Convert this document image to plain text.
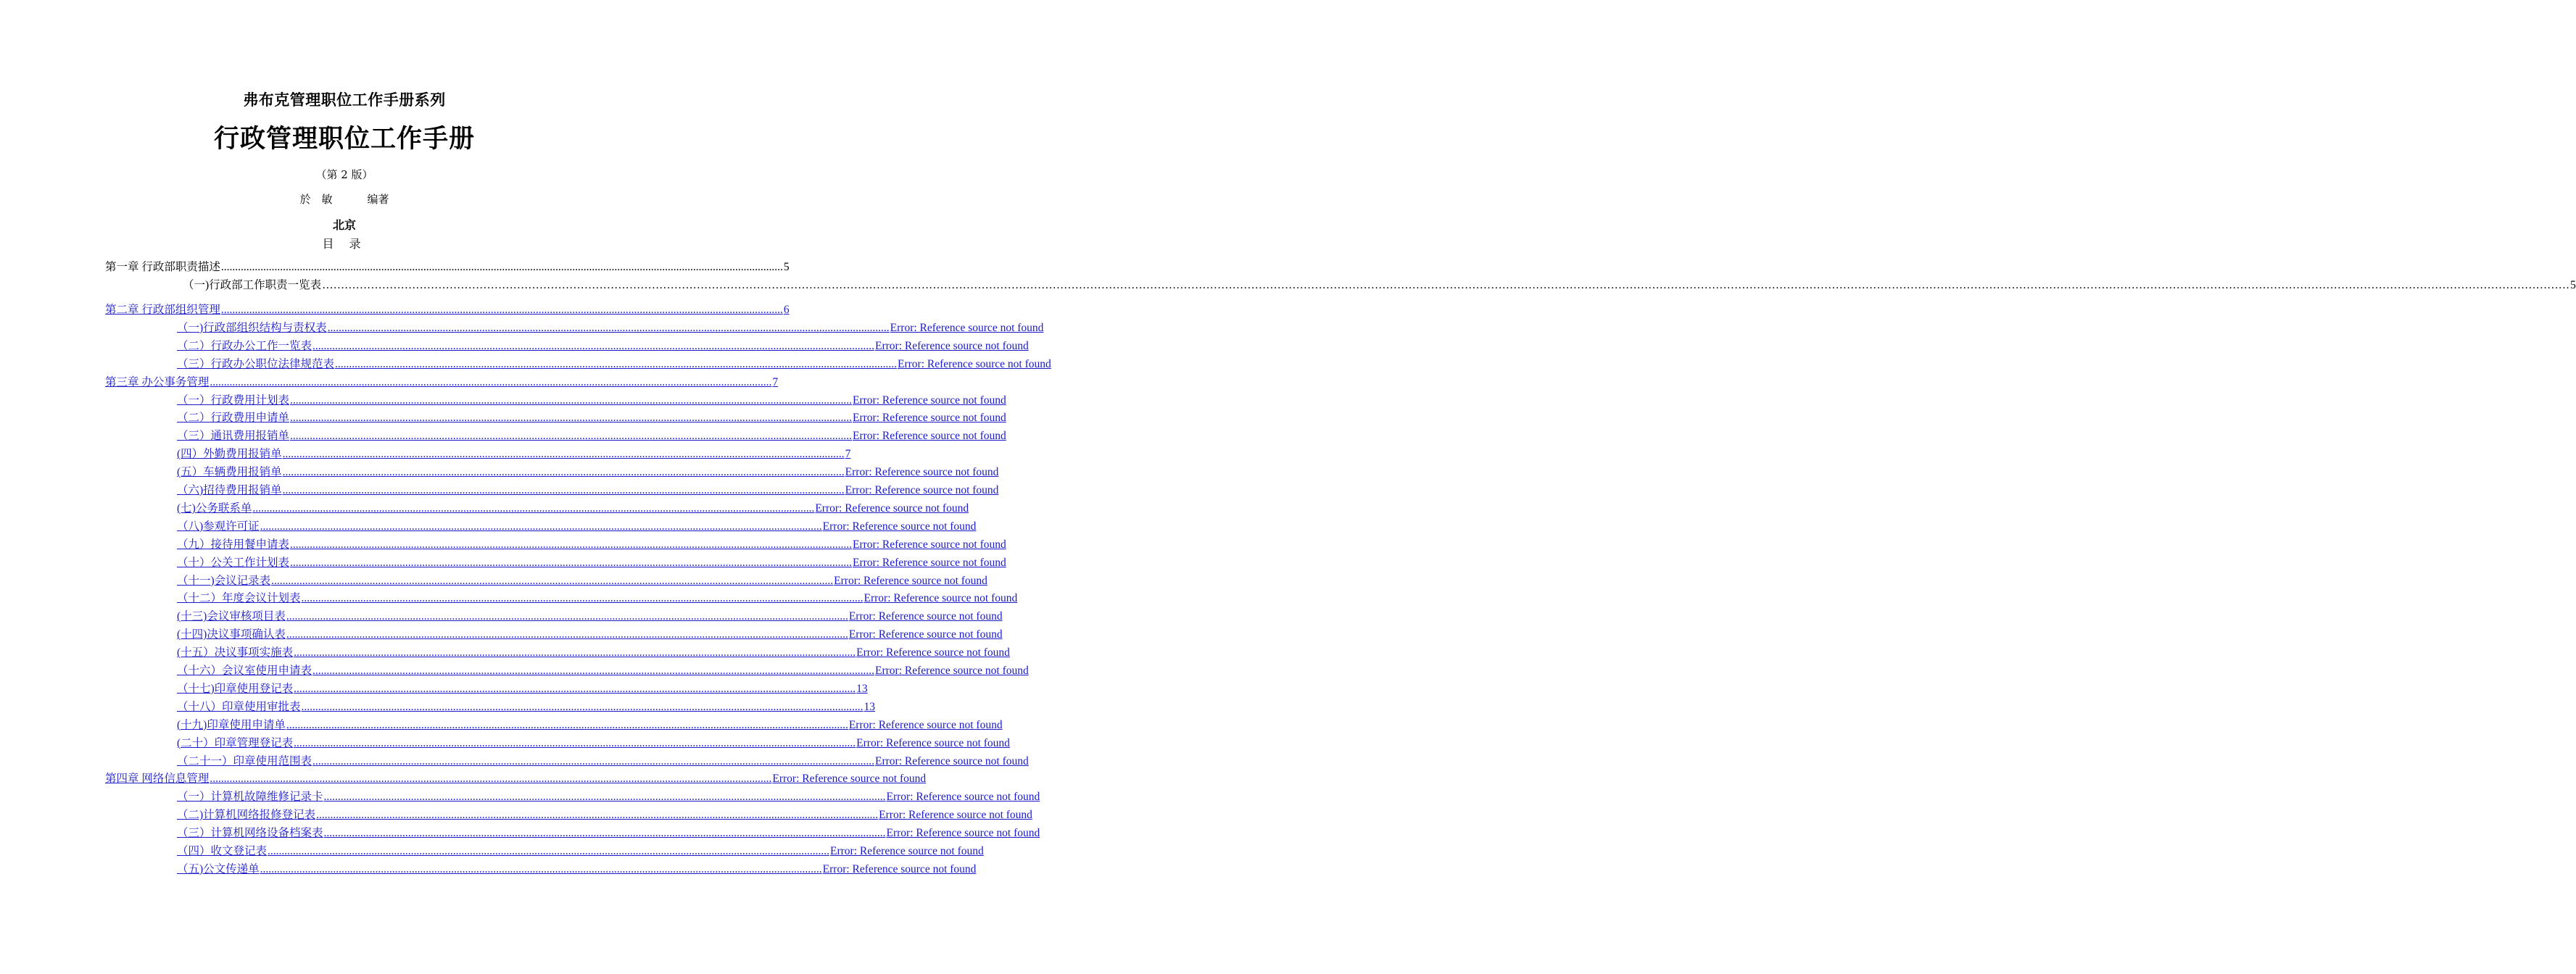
弗布克管理职位工作手册系列
行政管理职位工作手册
（第 2 版）
於　敏	编著
北京
目 录
第一章 行政部职责描述 ........................................................................................................................................................................................................ 5
（一)行政部工作职责一览表 …………………………………………………………………………………………………………………………………………………………………………………………………………………………………………………………………………………………………………………………………………………………………………………………………………………………………………………………………………………………………………………………………………………… 5
第二章 行政部组织管理 ........................................................................................................................................................................................................ 6
（一)行政部组织结构与责权表 ........................................................................................................................................................................................................ Error: Reference source not found
（二）行政办公工作一览表 ........................................................................................................................................................................................................ Error: Reference source not found
（三）行政办公职位法律规范表 ........................................................................................................................................................................................................ Error: Reference source not found
第三章 办公事务管理 ........................................................................................................................................................................................................ 7
（一）行政费用计划表 ........................................................................................................................................................................................................ Error: Reference source not found
（二）行政费用申请单 ........................................................................................................................................................................................................ Error: Reference source not found
（三）通讯费用报销单 ........................................................................................................................................................................................................ Error: Reference source not found
(四）外勤费用报销单 ........................................................................................................................................................................................................ 7
(五）车辆费用报销单 ........................................................................................................................................................................................................ Error: Reference source not found
（六)招待费用报销单 ........................................................................................................................................................................................................ Error: Reference source not found
(七)公务联系单 ........................................................................................................................................................................................................ Error: Reference source not found
（八)参观许可证 ........................................................................................................................................................................................................ Error: Reference source not found
（九）接待用餐申请表 ........................................................................................................................................................................................................ Error: Reference source not found
（十）公关工作计划表 ........................................................................................................................................................................................................ Error: Reference source not found
（十一)会议记录表 ........................................................................................................................................................................................................ Error: Reference source not found
（十二）年度会议计划表 ........................................................................................................................................................................................................ Error: Reference source not found
(十三)会议审核项目表 ........................................................................................................................................................................................................ Error: Reference source not found
(十四)决议事项确认表 ........................................................................................................................................................................................................ Error: Reference source not found
(十五）决议事项实施表 ........................................................................................................................................................................................................ Error: Reference source not found
（十六）会议室使用申请表 ........................................................................................................................................................................................................ Error: Reference source not found
（十七)印章使用登记表 ........................................................................................................................................................................................................ 13
（十八）印章使用审批表 ........................................................................................................................................................................................................ 13
(十九)印章使用申请单 ........................................................................................................................................................................................................ Error: Reference source not found
(二十）印章管理登记表 ........................................................................................................................................................................................................ Error: Reference source not found
（二十一）印章使用范围表 ........................................................................................................................................................................................................ Error: Reference source not found
第四章 网络信息管理 ........................................................................................................................................................................................................ Error: Reference source not found
（一）计算机故障维修记录卡 ........................................................................................................................................................................................................ Error: Reference source not found
（二)计算机网络报修登记表 ........................................................................................................................................................................................................ Error: Reference source not found
（三）计算机网络设备档案表 ........................................................................................................................................................................................................ Error: Reference source not found
（四）收文登记表 ........................................................................................................................................................................................................ Error: Reference source not found
（五)公文传递单 ........................................................................................................................................................................................................ Error: Reference source not found
